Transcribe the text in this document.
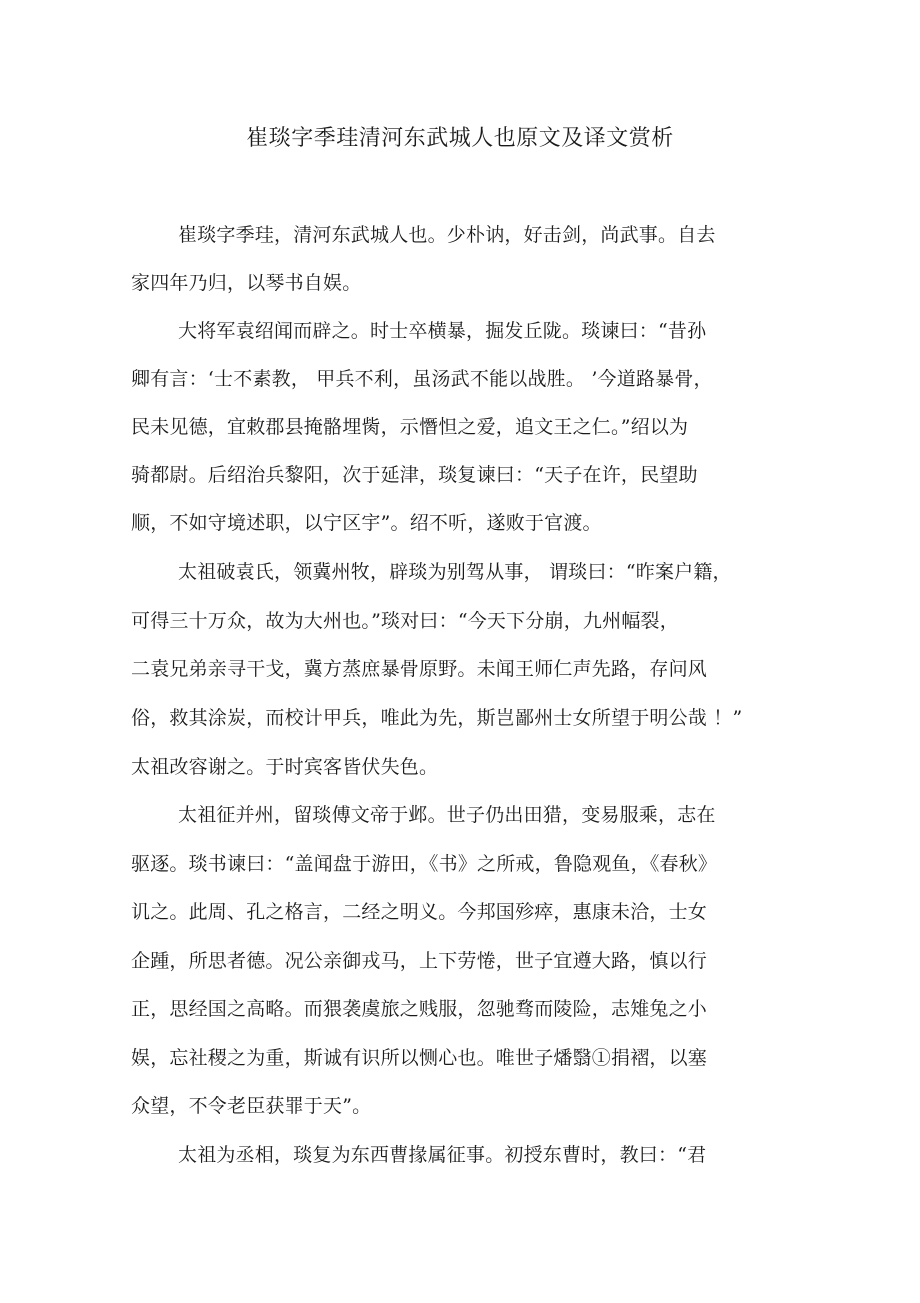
崔琰字季珪清河东武城人也原文及译文赏析
崔琰字季珪，清河东武城人也。少朴讷，好击剑，尚武事。自去
家四年乃归，以琴书自娱。
大将军袁绍闻而辟之。时士卒横暴，掘发丘陇。琰谏曰：“昔孙
卿有言：‘士不素教， 甲兵不利，虽汤武不能以战胜。 ’今道路暴骨，
民未见德，宜敕郡县掩骼埋胔，示憯怛之爱，追文王之仁。”绍以为
骑都尉。后绍治兵黎阳，次于延津，琰复谏曰：“天子在许，民望助
顺，不如守境述职，以宁区宇”。绍不听，遂败于官渡。
太祖破袁氏，领冀州牧，辟琰为别驾从事， 谓琰曰：“昨案户籍，
可得三十万众，故为大州也。”琰对曰：“今天下分崩，九州幅裂，
二袁兄弟亲寻干戈，冀方蒸庶暴骨原野。未闻王师仁声先路，存问风
俗，救其涂炭，而校计甲兵，唯此为先，斯岂鄙州士女所望于明公哉 ！”
太祖改容谢之。于时宾客皆伏失色。
太祖征并州，留琰傅文帝于邺。世子仍出田猎，变易服乘，志在
驱逐。琰书谏曰：“盖闻盘于游田，《书》之所戒，鲁隐观鱼，《春秋》
讥之。此周、孔之格言，二经之明义。今邦国殄瘁，惠康未洽，士女
企踵，所思者德。况公亲御戎马，上下劳惓，世子宜遵大路，慎以行
正，思经国之高略。而猥袭虞旅之贱服，忽驰骛而陵险，志雉兔之小
娱，忘社稷之为重，斯诚有识所以恻心也。唯世子燔翳①捐褶，以塞
众望，不令老臣获罪于天”。
太祖为丞相，琰复为东西曹掾属征事。初授东曹时，教曰：“君
